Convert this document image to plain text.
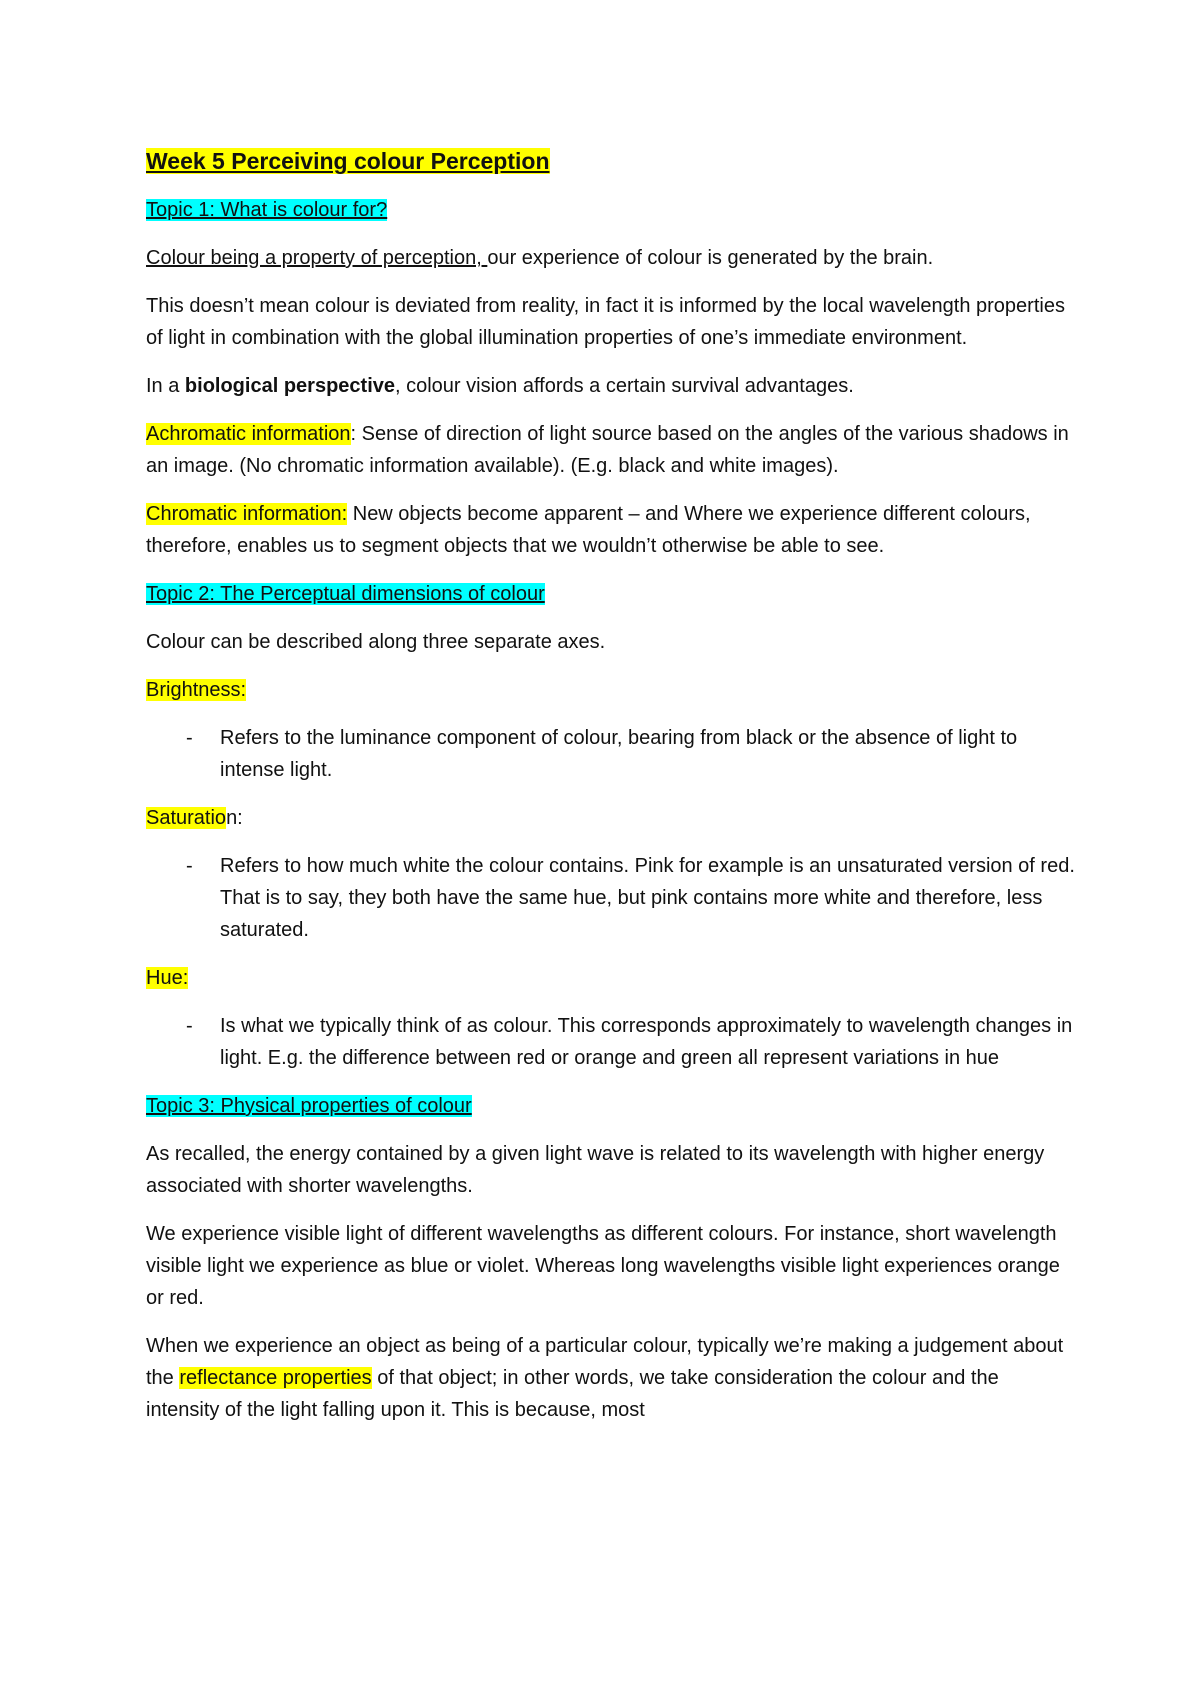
Week 5 Perceiving colour Perception
Topic 1: What is colour for?

Colour being a property of perception, our experience of colour is generated by the brain.

This doesn’t mean colour is deviated from reality, in fact it is informed by the local wavelength properties of light in combination with the global illumination properties of one’s immediate environment.

In a biological perspective, colour vision affords a certain survival advantages.

Achromatic information: Sense of direction of light source based on the angles of the various shadows in an image. (No chromatic information available). (E.g. black and white images).

Chromatic information: New objects become apparent – and Where we experience different colours, therefore, enables us to segment objects that we wouldn’t otherwise be able to see.

Topic 2: The Perceptual dimensions of colour

Colour can be described along three separate axes.

Brightness:
-	Refers to the luminance component of colour, bearing from black or the absence of light to intense light.
Saturation:
-	Refers to how much white the colour contains. Pink for example is an unsaturated version of red. That is to say, they both have the same hue, but pink contains more white and therefore, less saturated.
Hue:
-	Is what we typically think of as colour. This corresponds approximately to wavelength changes in light. E.g. the difference between red or orange and green all represent variations in hue
Topic 3: Physical properties of colour

As recalled, the energy contained by a given light wave is related to its wavelength with higher energy associated with shorter wavelengths.

We experience visible light of different wavelengths as different colours. For instance, short wavelength visible light we experience as blue or violet. Whereas long wavelengths visible light experiences orange or red.

When we experience an object as being of a particular colour, typically we’re making a judgement about the reflectance properties of that object; in other words, we take consideration the colour and the intensity of the light falling upon it. This is because, most
